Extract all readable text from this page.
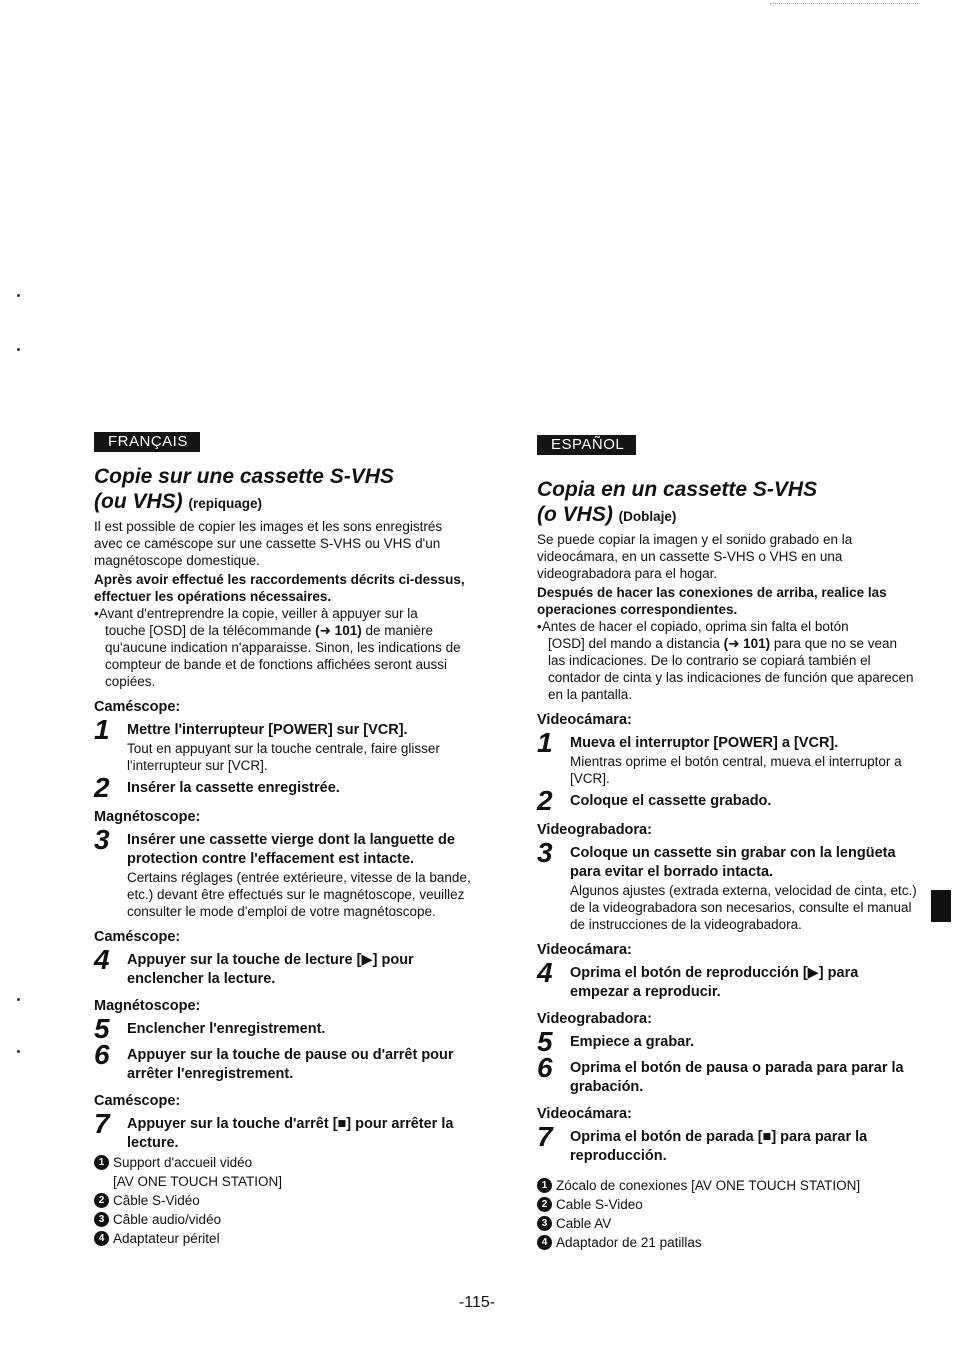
FRANÇAIS
Copie sur une cassette S-VHS
(ou VHS) (repiquage)
Il est possible de copier les images et les sons enregistrés avec ce caméscope sur une cassette S-VHS ou VHS d'un magnétoscope domestique.
Après avoir effectué les raccordements décrits ci-dessus, effectuer les opérations nécessaires.
•Avant d'entreprendre la copie, veiller à appuyer sur la
touche [OSD] de la télécommande (➜ 101) de manière qu'aucune indication n'apparaisse. Sinon, les indications de compteur de bande et de fonctions affichées seront aussi copiées.
Caméscope:
1	Mettre l'interrupteur [POWER] sur [VCR].
Tout en appuyant sur la touche centrale, faire glisser l'interrupteur sur [VCR].
2	Insérer la cassette enregistrée.
Magnétoscope:
3	Insérer une cassette vierge dont la languette de protection contre l'effacement est intacte.
Certains réglages (entrée extérieure, vitesse de la bande, etc.) devant être effectués sur le magnétoscope, veuillez consulter le mode d'emploi de votre magnétoscope.
Caméscope:
4	Appuyer sur la touche de lecture [▶] pour enclencher la lecture.
Magnétoscope:
5	Enclencher l'enregistrement.
6	Appuyer sur la touche de pause ou d'arrêt pour arrêter l'enregistrement.
Caméscope:
7	Appuyer sur la touche d'arrêt [■] pour arrêter la lecture.
1 Support d'accueil vidéo
[AV ONE TOUCH STATION]
2 Câble S-Vidéo
3 Câble audio/vidéo
4 Adaptateur péritel
ESPAÑOL
Copia en un cassette S-VHS
(o VHS) (Doblaje)
Se puede copiar la imagen y el sonido grabado en la videocámara, en un cassette S-VHS o VHS en una videograbadora para el hogar.
Después de hacer las conexiones de arriba, realice las operaciones correspondientes.
•Antes de hacer el copiado, oprima sin falta el botón
[OSD] del mando a distancia (➜ 101) para que no se vean las indicaciones. De lo contrario se copiará también el contador de cinta y las indicaciones de función que aparecen en la pantalla.
Videocámara:
1	Mueva el interruptor [POWER] a [VCR].
Mientras oprime el botón central, mueva el interruptor a [VCR].
2	Coloque el cassette grabado.
Videograbadora:
3	Coloque un cassette sin grabar con la lengüeta para evitar el borrado intacta.
Algunos ajustes (extrada externa, velocidad de cinta, etc.) de la videograbadora son necesarios, consulte el manual de instrucciones de la videograbadora.
Videocámara:
4	Oprima el botón de reproducción [▶] para empezar a reproducir.
Videograbadora:
5	Empiece a grabar.
6	Oprima el botón de pausa o parada para parar la grabación.
Videocámara:
7	Oprima el botón de parada [■] para parar la reproducción.
1 Zócalo de conexiones [AV ONE TOUCH STATION]
2 Cable S-Video
3 Cable AV
4 Adaptador de 21 patillas
-115-
